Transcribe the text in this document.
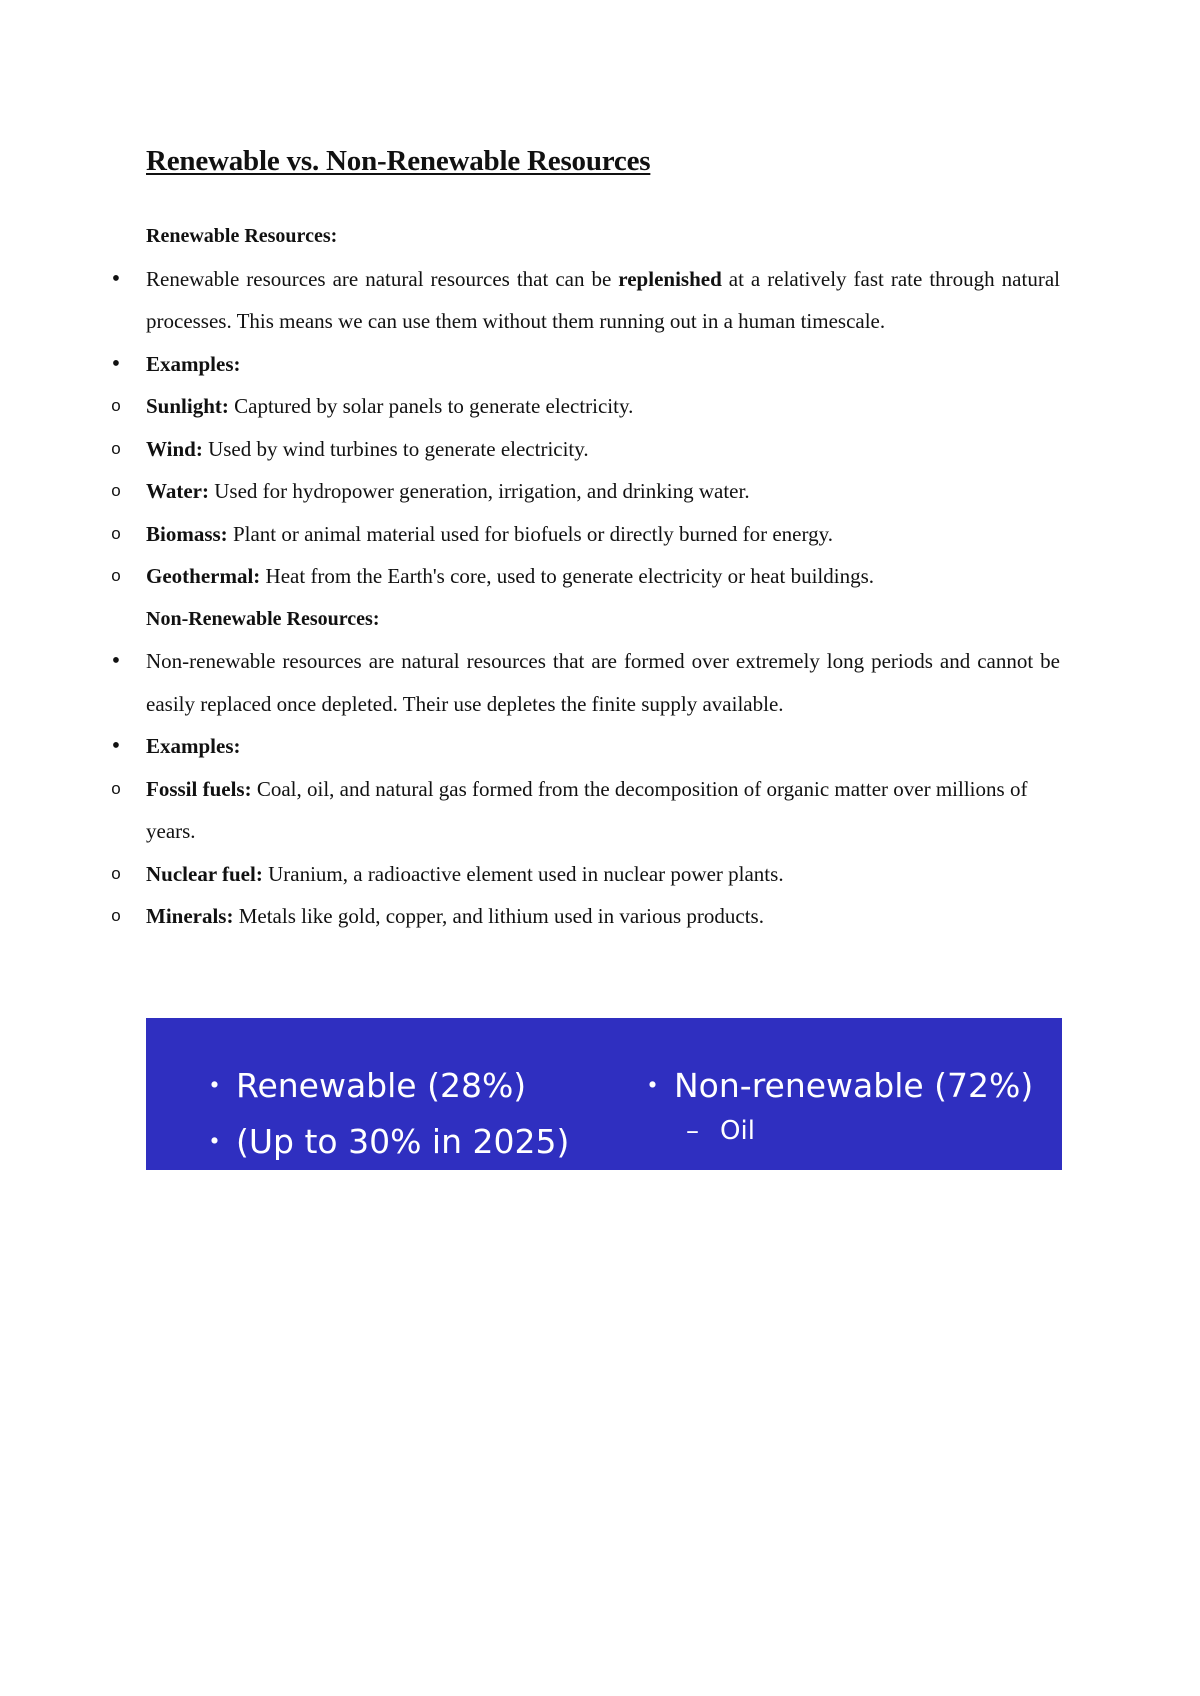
Renewable vs. Non-Renewable Resources

Renewable Resources:

• Renewable resources are natural resources that can be replenished at a relatively fast rate through natural processes. This means we can use them without them running out in a human timescale.

• Examples:

o Sunlight: Captured by solar panels to generate electricity.

o Wind: Used by wind turbines to generate electricity.

o Water: Used for hydropower generation, irrigation, and drinking water.

o Biomass: Plant or animal material used for biofuels or directly burned for energy.

o Geothermal: Heat from the Earth's core, used to generate electricity or heat buildings.

Non-Renewable Resources:

• Non-renewable resources are natural resources that are formed over extremely long periods and cannot be easily replaced once depleted. Their use depletes the finite supply available.

• Examples:

o Fossil fuels: Coal, oil, and natural gas formed from the decomposition of organic matter over millions of years.

o Nuclear fuel: Uranium, a radioactive element used in nuclear power plants.

o Minerals: Metals like gold, copper, and lithium used in various products.

・ Renewable (28%)
・ (Up to 30% in 2025)
・ Non-renewable (72%)
– Oil
